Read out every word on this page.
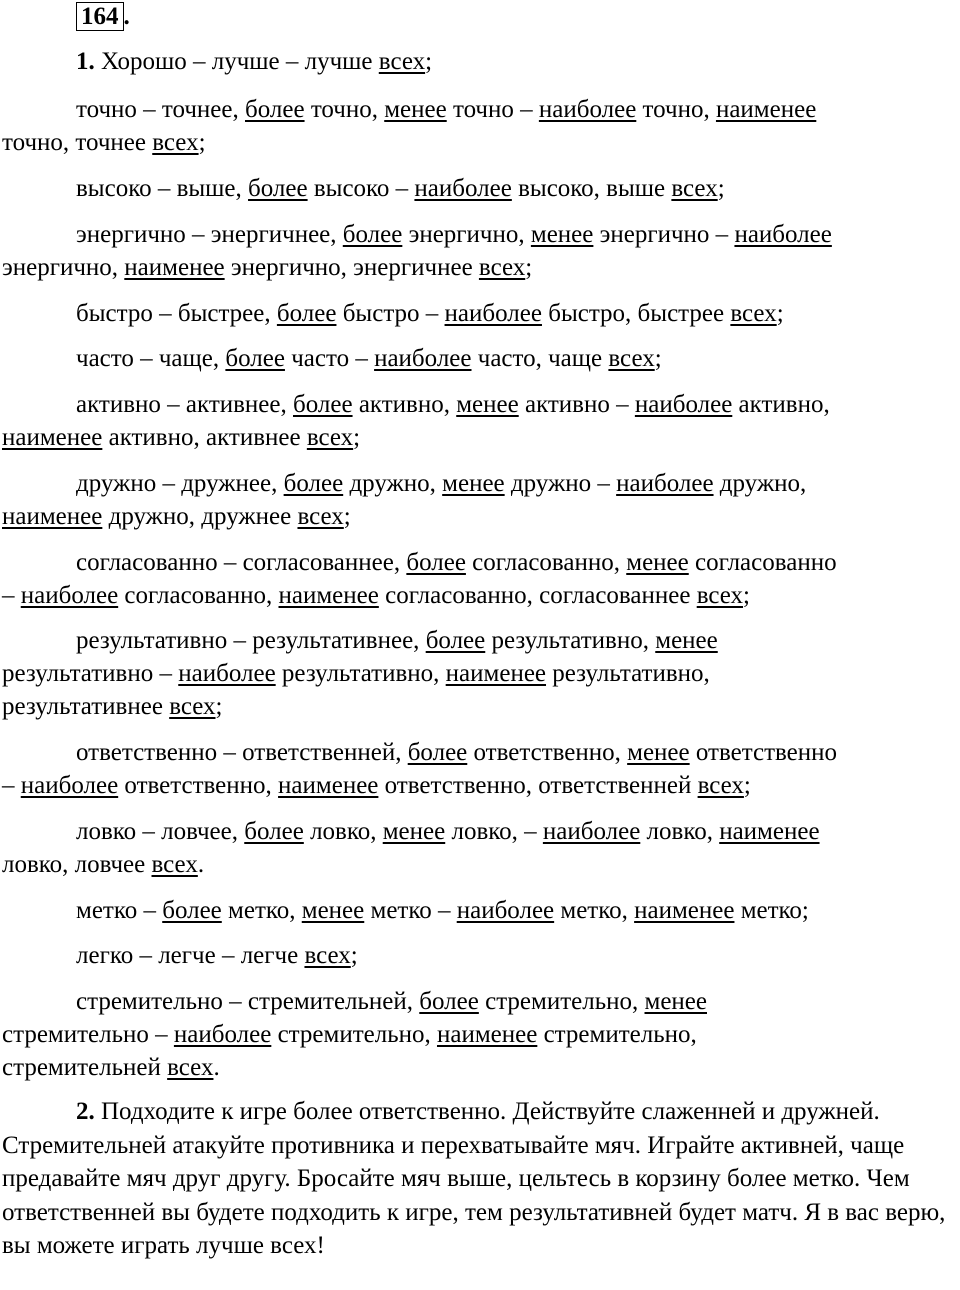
164 .
1. Хорошо – лучше – лучше всех;
точно – точнее, более точно, менее точно – наиболее точно, наименее
точно, точнее всех;
высоко – выше, более высоко – наиболее высоко, выше всех;
энергично – энергичнее, более энергично, менее энергично – наиболее
энергично, наименее энергично, энергичнее всех;
быстро – быстрее, более быстро – наиболее быстро, быстрее всех;
часто – чаще, более часто – наиболее часто, чаще всех;
активно – активнее, более активно, менее активно – наиболее активно,
наименее активно, активнее всех;
дружно – дружнее, более дружно, менее дружно – наиболее дружно,
наименее дружно, дружнее всех;
согласованно – согласованнее, более согласованно, менее согласованно
– наиболее согласованно, наименее согласованно, согласованнее всех;
результативно – результативнее, более результативно, менее
результативно – наиболее результативно, наименее результативно,
результативнее всех;
ответственно – ответственней, более ответственно, менее ответственно
– наиболее ответственно, наименее ответственно, ответственней всех;
ловко – ловчее, более ловко, менее ловко, – наиболее ловко, наименее
ловко, ловчее всех.
метко – более метко, менее метко – наиболее метко, наименее метко;
легко – легче – легче всех;
стремительно – стремительней, более стремительно, менее
стремительно – наиболее стремительно, наименее стремительно,
стремительней всех.

2. Подходите к игре более ответственно. Действуйте слаженней и дружней. Стремительней атакуйте противника и перехватывайте мяч. Играйте активней, чаще предавайте мяч друг другу. Бросайте мяч выше, цельтесь в корзину более метко. Чем ответственней вы будете подходить к игре, тем результативней будет матч. Я в вас верю, вы можете играть лучше всех!
